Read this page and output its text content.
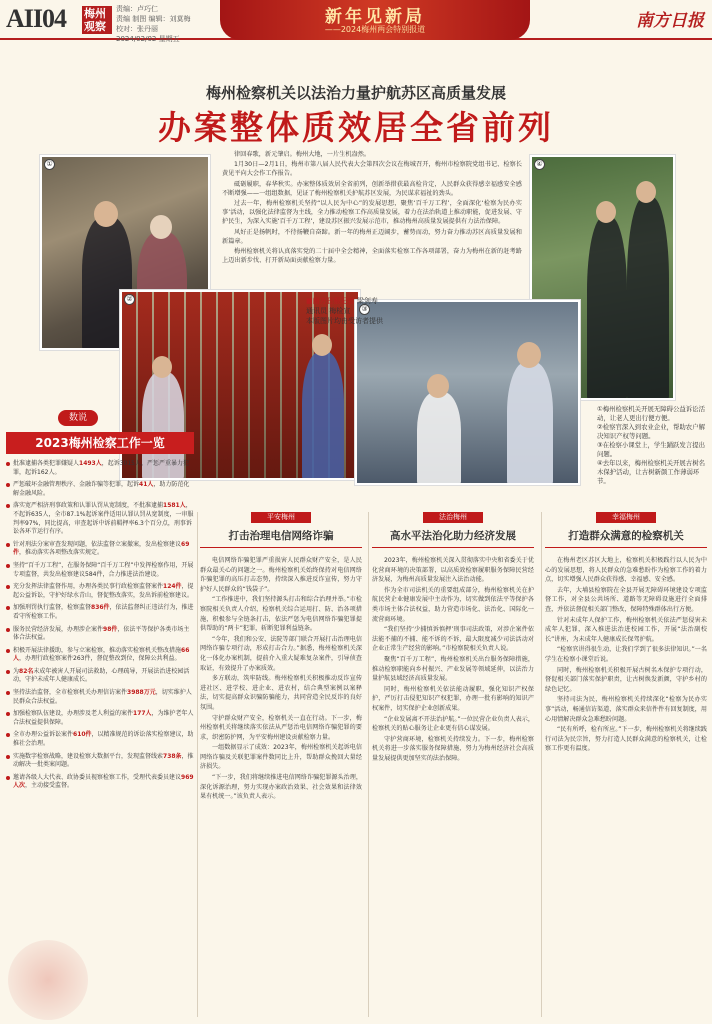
AII04 梅州观察
责编：卢巧仁
责编 制图 编辑：刘莫梅
校对：张丹丽
2024/02/02 星期五
新年见新局
——2024梅州两会特别报道	南方日报
梅州检察机关以法治力量护航苏区高质量发展
办案整体质效居全省前列
①	④
②
③

律回春歌，新元肇启。梅州大地，一片生机盎然。

1月30日—2月1日，梅州市第八届人民代表大会第四次会议在梅城召开，梅州市检察院党组书记、检察长黄见平向大会作工作报告。

砥砺履职，春华秋实。办案整体质效居全省前列，创新举措获最高检肯定，人民群众获得感幸福感安全感不断增强——一组组数据，见证了梅州检察机关护航苏区发展，为民谋求福祉的劲头。

过去一年，梅州检察机关坚持“以人民为中心”的发展思想，聚焦‘百千万工程’，全面深化‘检察为民办实事’活动，以强化法律监督为主线，全力推动检察工作高质量发展，着力在法治轨道上推动职能，促进发展、守护民生，为深入实施‘百千万工程’，建设苏区振兴发展示范市，推动梅州高质量发展提供有力法治保障。

风好正是扬帆时，不待扬鞭自奋蹄。新一年的梅州正迈阔步，蓄势而动，努力奋力推动苏区高质量发展和新篇章。

梅州检察机关将认真落实党的二十届中全会精神，全面落实检察工作各项部署，奋力为梅州在新的赶考路上迈出新步伐、打开新局面贡献检察力量。

■南方日报记者 梁剑寿
通讯员 梅检宣
本版图片均由受访者提供
①梅州检察机关开展无障碍公益诉讼活动，让老人更出行便方便。
②检察官深入到农业企业，帮助农户解决知识产权等问题。
③在检察小课堂上，学生踊跃发言提出问题。
④去年以来，梅州检察机关开展古树名木保护活动，让古树新颜工作薄弱环节。
数说
2023梅州检察工作一览
批准逮捕各类犯罪嫌疑人1493人，起诉3015人，严惩严重暴力犯罪，起诉162人。
严惩破坏金融管理秩序、金融诈骗等犯罪，起诉41人，助力防范化解金融风险。
落实宽严相济刑事政策和认罪认罚从宽制度，不批准逮捕1581人，不起诉635人，全市87.1%起诉案件适用认罪认罚从宽制度，一审服判率97%，同比提高，审查起诉中诉前羁押率6.3个百分点，刑事诉讼各环节运行有序。
针对刑法分案审查发现问题，依法监督立案撤案，发出检察建议69件，推动落实各项整改落实规定。
坚持“百千万工程”，在服务保障“百千万工程”中发挥检察作用，开展专项监督，共发出检察建议584件，合力推进法治建设。
充分发挥法律监督作用，办理各类民事行政检察监督案件124件，提起公益诉讼，守护好绿水青山，督促整改落实，发出诉前检察建议。
加强刑罚执行监督，检察监督836件，依法监督纠正违法行为，推进看守所检察工作。
服务民营经济发展，办理涉企案件98件，依法平等保护各类市场主体合法权益。
积极开展法律援助，参与立案检察，推动落实检察机关整改措施66人，办理行政检察案件263件，督促整改到位，保障公共利益。
为82名未成年被害人开展司法救助，心理疏导，开展法治进校园活动，守护未成年人健康成长。
坚持法治监督，全市检察机关办理信访案件3988万元，切实维护人民群众合法权益。
加强检察队伍建设，办理涉及老人利益的案件177人，为维护老年人合法权益提供保障。
全市办理公益诉讼案件610件，以精准规范的诉讼落实检察建议，助推社会治理。
实施数字检察战略，建设检察大数据平台，发现监督线索738条，推动解决一批类案问题。
邀请各级人大代表、政协委员视察检察工作，受理代表委员建议969人次，主动接受监督。
平安梅州
打击治理电信网络诈骗

电信网络诈骗犯罪严重损害人民群众财产安全，是人民群众最关心的问题之一。梅州检察机关始终保持对电信网络诈骗犯罪的高压打击态势，持续深入推进反诈宣传，努力守护好人民群众的“钱袋子”。

“工作推进中，我们坚持源头打击和综合治理并举。”市检察院相关负责人介绍，检察机关综合运用打、防、治各项措施，积极参与全链条打击，依法严惩为电信网络诈骗犯罪提供帮助的“两卡”犯罪，斩断犯罪利益链条。

“今年，我们和公安、法院等部门联合开展打击治理电信网络诈骗专项行动，形成打击合力。”据悉，梅州检察机关深化一体化办案机制，提前介入重大疑难复杂案件，引导侦查取证，有效提升了办案质效。

多方联动，筑牢防线。梅州检察机关积极推动反诈宣传进社区、进学校、进企业、进农村，结合典型案例以案释法，切实提高群众识骗防骗能力，共同营造全民反诈的良好氛围。

守护群众财产安全，检察机关一直在行动。下一步，梅州检察机关将继续落实依法从严惩治电信网络诈骗犯罪的要求，织密防护网，为平安梅州建设贡献检察力量。

一组数据显示了成效：2023年，梅州检察机关起诉电信网络诈骗及关联犯罪案件数同比上升，帮助群众挽回大量经济损失。

“下一步，我们将继续推进电信网络诈骗犯罪源头治理，深化诉源治理，努力实现办案政治效果、社会效果和法律效果有机统一。”该负责人表示。

法治梅州
高水平法治化助力经济发展

2023年，梅州检察机关深入贯彻落实中央和省委关于优化营商环境的决策部署，以高质效检察履职服务保障民营经济发展，为梅州高质量发展注入法治动能。

作为全市司法机关的重要组成部分，梅州检察机关在护航民营企业健康发展中主动作为，切实做到依法平等保护各类市场主体合法权益，助力营造市场化、法治化、国际化一流营商环境。

“我们坚持‘少捕慎诉慎押’刑事司法政策，对涉企案件依法能不捕的不捕、能不诉的不诉，最大限度减少司法活动对企业正常生产经营的影响。”市检察院相关负责人说。

聚焦“百千万工程”，梅州检察机关出台服务保障措施，推动检察职能向乡村振兴、产业发展等领域延伸，以法治力量护航县域经济高质量发展。

同时，梅州检察机关依法能动履职，强化知识产权保护，严厉打击侵犯知识产权犯罪，办理一批有影响的知识产权案件，切实保护企业创新成果。

“企业发展离不开法治护航。”一位民营企业负责人表示，检察机关的贴心服务让企业更有信心谋发展。

守护营商环境，检察机关持续发力。下一步，梅州检察机关将进一步落实服务保障措施，努力为梅州经济社会高质量发展提供更加坚实的法治保障。

幸福梅州
打造群众满意的检察机关

在梅州老区苏区大地上，检察机关积极践行以人民为中心的发展思想，将人民群众的急难愁盼作为检察工作的着力点，切实增强人民群众获得感、幸福感、安全感。

去年，大埔县检察院在全县开展无障碍环境建设专项监督工作，对全县公共场所、道路等无障碍设施进行全面排查，并依法督促相关部门整改，保障特殊群体出行方便。

针对未成年人保护工作，梅州检察机关依法严惩侵害未成年人犯罪，深入推进法治进校园工作，开展“法治副校长”讲座，为未成年人健康成长保驾护航。

“检察官讲得很生动，让我们学到了很多法律知识。”一名学生在检察小课堂后说。

同时，梅州检察机关积极开展古树名木保护专项行动，督促相关部门落实保护职责，让古树焕发新颜，守护乡村的绿色记忆。

坚持司法为民，梅州检察机关持续深化“检察为民办实事”活动，畅通信访渠道，落实群众来信件件有回复制度，用心用情解决群众急难愁盼问题。

“民有所呼，检有所应。”下一步，梅州检察机关将继续践行司法为民宗旨，努力打造人民群众满意的检察机关，让检察工作更有温度。
